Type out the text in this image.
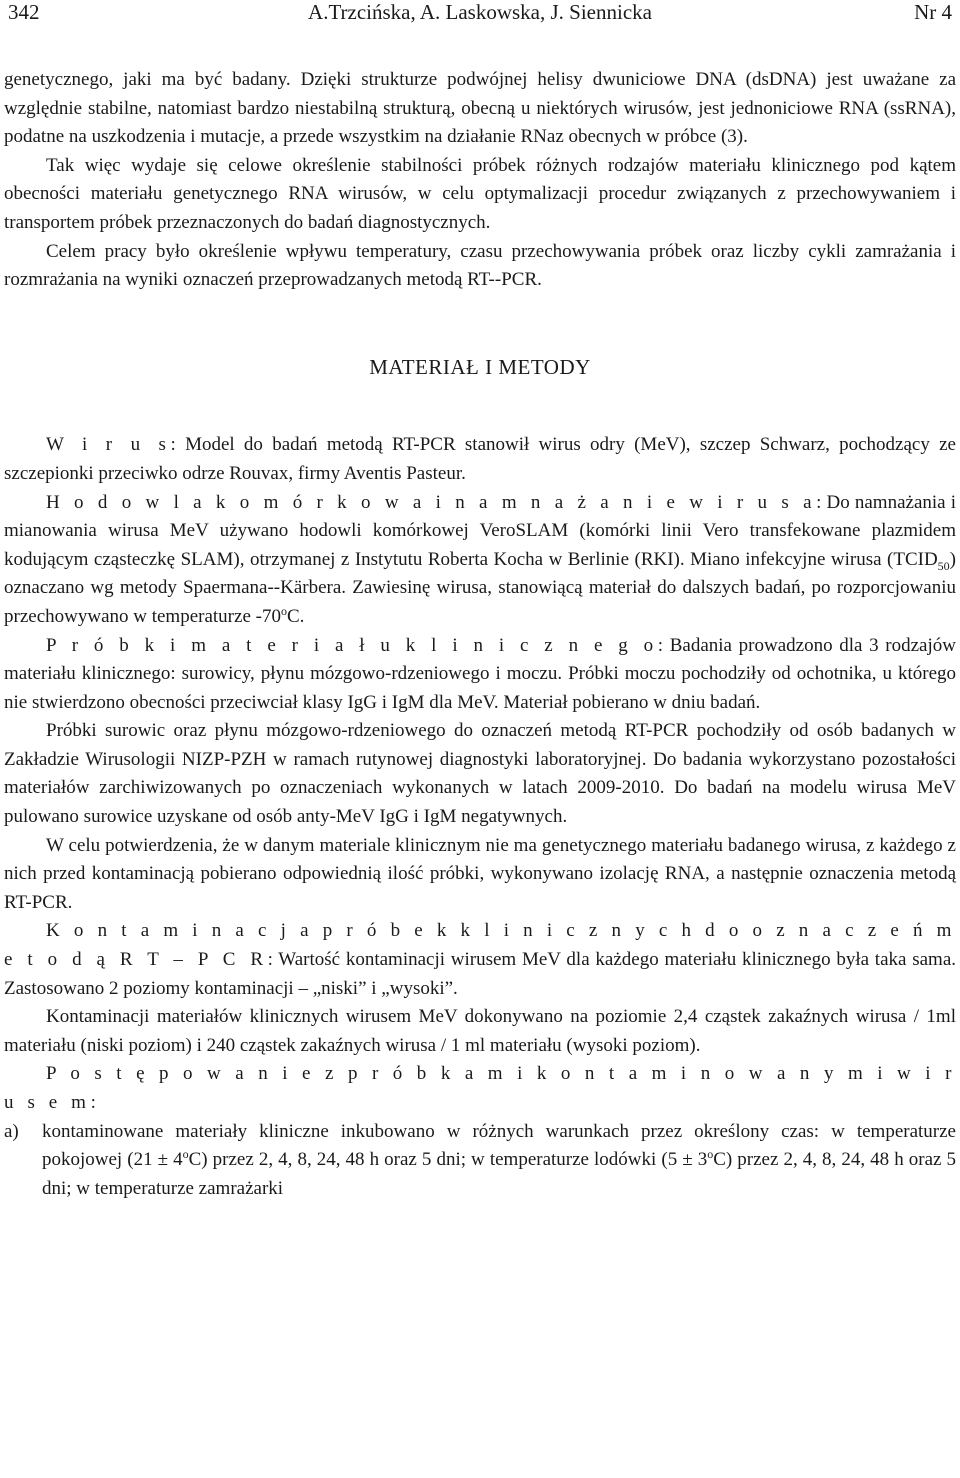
342	A.Trzcińska, A. Laskowska, J. Siennicka	Nr 4

genetycznego, jaki ma być badany. Dzięki strukturze podwójnej helisy dwuniciowe DNA (dsDNA) jest uważane za względnie stabilne, natomiast bardzo niestabilną strukturą, obecną u niektórych wirusów, jest jednoniciowe RNA (ssRNA), podatne na uszkodzenia i mutacje, a przede wszystkim na działanie RNaz obecnych w próbce (3).

Tak więc wydaje się celowe określenie stabilności próbek różnych rodzajów materiału klinicznego pod kątem obecności materiału genetycznego RNA wirusów, w celu optymalizacji procedur związanych z przechowywaniem i transportem próbek przeznaczonych do badań diagnostycznych.

Celem pracy było określenie wpływu temperatury, czasu przechowywania próbek oraz liczby cykli zamrażania i rozmrażania na wyniki oznaczeń przeprowadzanych metodą RT--PCR.

MATERIAŁ I METODY

W i r u s: Model do badań metodą RT-PCR stanowił wirus odry (MeV), szczep Schwarz, pochodzący ze szczepionki przeciwko odrze Rouvax, firmy Aventis Pasteur.

H o d o w l a k o m ó r k o w a i n a m n a ż a n i e w i r u s a: Do namnażania i mianowania wirusa MeV używano hodowli komórkowej VeroSLAM (komórki linii Vero transfekowane plazmidem kodującym cząsteczkę SLAM), otrzymanej z Instytutu Roberta Kocha w Berlinie (RKI). Miano infekcyjne wirusa $(TCID_{50})$ oznaczano wg metody Spaermana--Kärbera. Zawiesinę wirusa, stanowiącą materiał do dalszych badań, po rozporcjowaniu przechowywano w temperaturze -70$^o$C.

P r ó b k i m a t e r i a ł u k l i n i c z n e g o: Badania prowadzono dla 3 rodzajów materiału klinicznego: surowicy, płynu mózgowo-rdzeniowego i moczu. Próbki moczu pochodziły od ochotnika, u którego nie stwierdzono obecności przeciwciał klasy IgG i IgM dla MeV. Materiał pobierano w dniu badań.

Próbki surowic oraz płynu mózgowo-rdzeniowego do oznaczeń metodą RT-PCR pochodziły od osób badanych w Zakładzie Wirusologii NIZP-PZH w ramach rutynowej diagnostyki laboratoryjnej. Do badania wykorzystano pozostałości materiałów zarchiwizowanych po oznaczeniach wykonanych w latach 2009-2010. Do badań na modelu wirusa MeV pulowano surowice uzyskane od osób anty-MeV IgG i IgM negatywnych.

W celu potwierdzenia, że w danym materiale klinicznym nie ma genetycznego materiału badanego wirusa, z każdego z nich przed kontaminacją pobierano odpowiednią ilość próbki, wykonywano izolację RNA, a następnie oznaczenia metodą RT-PCR.

K o n t a m i n a c j a p r ó b e k k l i n i c z n y c h d o o z n a c z e ń m e t o d ą R T – P C R: Wartość kontaminacji wirusem MeV dla każdego materiału klinicznego była taka sama. Zastosowano 2 poziomy kontaminacji – „niski” i „wysoki”.

Kontaminacji materiałów klinicznych wirusem MeV dokonywano na poziomie 2,4 cząstek zakaźnych wirusa / 1ml materiału (niski poziom) i 240 cząstek zakaźnych wirusa / 1 ml materiału (wysoki poziom).

P o s t ę p o w a n i e z p r ó b k a m i k o n t a m i n o w a n y m i w i r u s e m:

a) kontaminowane materiały kliniczne inkubowano w różnych warunkach przez określony czas: w temperaturze pokojowej $(21 \pm 4^oC)$ przez 2, 4, 8, 24, 48 h oraz 5 dni; w temperaturze lodówki $(5 \pm 3^oC)$ przez 2, 4, 8, 24, 48 h oraz 5 dni; w temperaturze zamrażarki
